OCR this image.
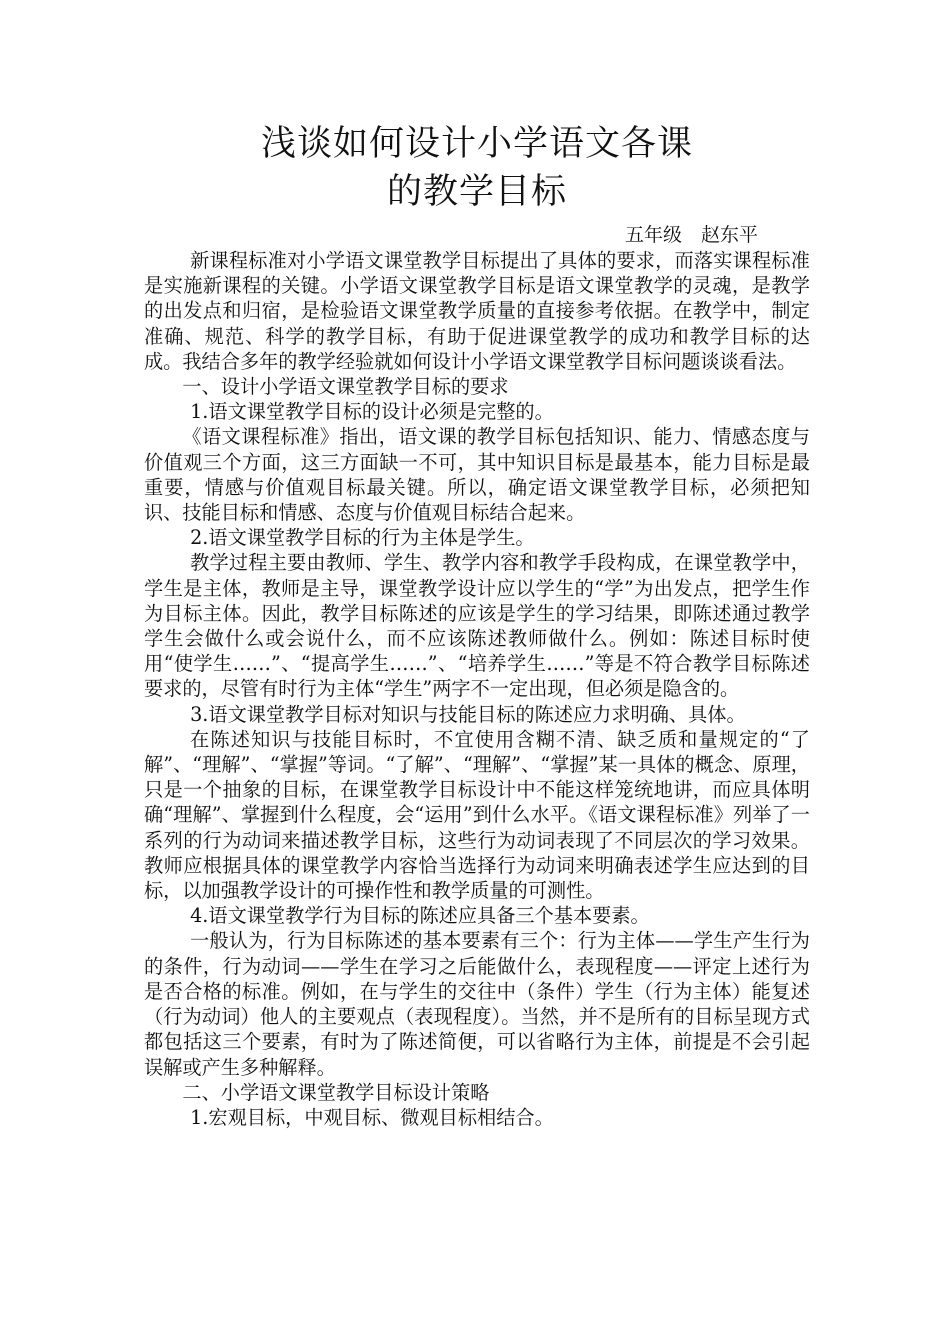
浅谈如何设计小学语文各课
的教学目标

五年级　赵东平

新课程标准对小学语文课堂教学目标提出了具体的要求，而落实课程标准是实施新课程的关键。小学语文课堂教学目标是语文课堂教学的灵魂，是教学的出发点和归宿，是检验语文课堂教学质量的直接参考依据。在教学中，制定准确、规范、科学的教学目标，有助于促进课堂教学的成功和教学目标的达成。我结合多年的教学经验就如何设计小学语文课堂教学目标问题谈谈看法。

一、设计小学语文课堂教学目标的要求

1.语文课堂教学目标的设计必须是完整的。

《语文课程标准》指出，语文课的教学目标包括知识、能力、情感态度与价值观三个方面，这三方面缺一不可，其中知识目标是最基本，能力目标是最重要，情感与价值观目标最关键。所以，确定语文课堂教学目标，必须把知识、技能目标和情感、态度与价值观目标结合起来。

2.语文课堂教学目标的行为主体是学生。

教学过程主要由教师、学生、教学内容和教学手段构成，在课堂教学中，学生是主体，教师是主导，课堂教学设计应以学生的“学”为出发点，把学生作为目标主体。因此，教学目标陈述的应该是学生的学习结果，即陈述通过教学学生会做什么或会说什么，而不应该陈述教师做什么。例如：陈述目标时使用“使学生……”、“提高学生……”、“培养学生……”等是不符合教学目标陈述要求的，尽管有时行为主体“学生”两字不一定出现，但必须是隐含的。

3.语文课堂教学目标对知识与技能目标的陈述应力求明确、具体。

在陈述知识与技能目标时，不宜使用含糊不清、缺乏质和量规定的“了解”、“理解”、“掌握”等词。“了解”、“理解”、“掌握”某一具体的概念、原理，只是一个抽象的目标，在课堂教学目标设计中不能这样笼统地讲，而应具体明确“理解”、掌握到什么程度，会“运用”到什么水平。《语文课程标准》列举了一系列的行为动词来描述教学目标，这些行为动词表现了不同层次的学习效果。教师应根据具体的课堂教学内容恰当选择行为动词来明确表述学生应达到的目标，以加强教学设计的可操作性和教学质量的可测性。

4.语文课堂教学行为目标的陈述应具备三个基本要素。

一般认为，行为目标陈述的基本要素有三个：行为主体——学生产生行为的条件，行为动词——学生在学习之后能做什么，表现程度——评定上述行为是否合格的标准。例如，在与学生的交往中（条件）学生（行为主体）能复述（行为动词）他人的主要观点（表现程度）。当然，并不是所有的目标呈现方式都包括这三个要素，有时为了陈述简便，可以省略行为主体，前提是不会引起误解或产生多种解释。

二、小学语文课堂教学目标设计策略

1.宏观目标，中观目标、微观目标相结合。
